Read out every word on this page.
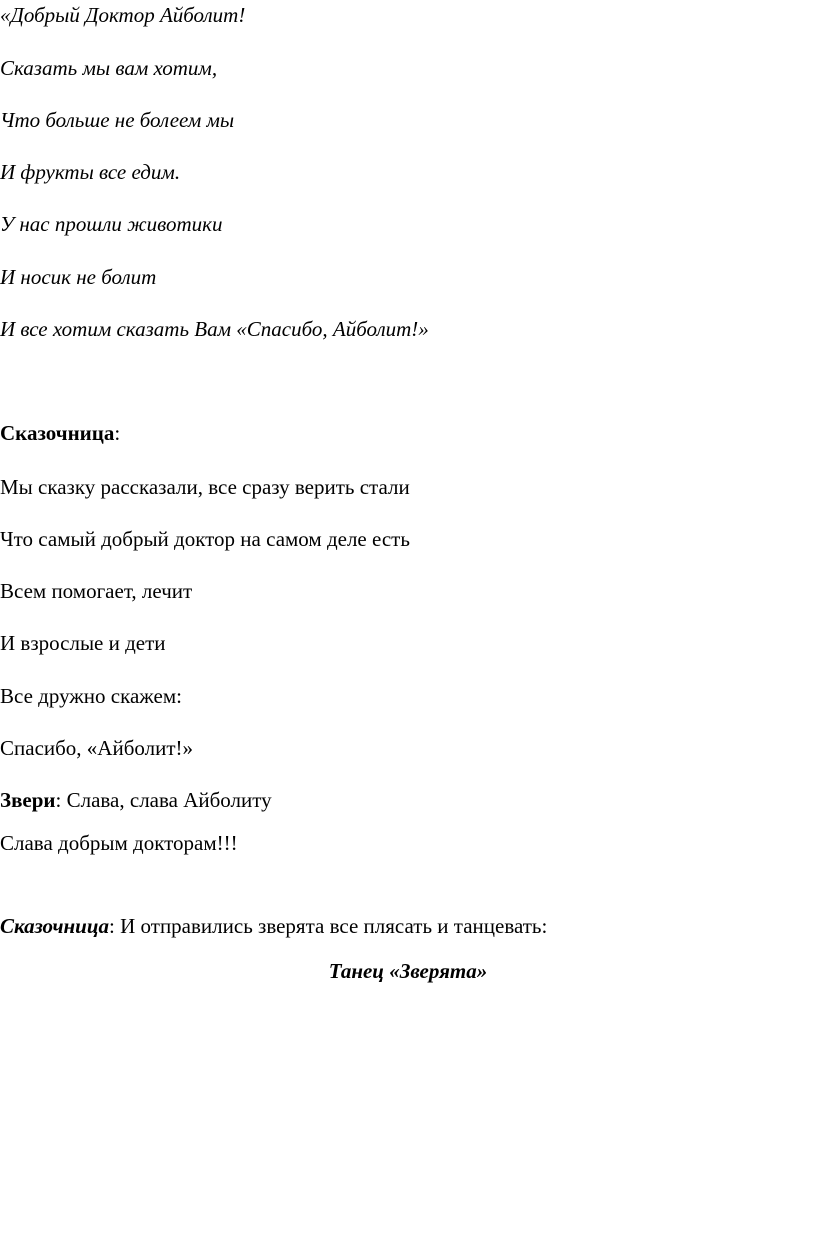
«Добрый Доктор Айболит!
Сказать мы вам хотим,
Что больше не болеем мы
И фрукты все едим.
У нас прошли животики
И носик не болит
И все хотим сказать Вам «Спасибо, Айболит!»
Сказочница:
Мы сказку рассказали, все сразу верить стали
Что самый добрый доктор на самом деле есть
Всем помогает, лечит
И взрослые и дети
Все дружно скажем:
Спасибо, «Айболит!»
Звери: Слава, слава Айболиту
Слава добрым докторам!!!
Сказочница: И отправились зверята все плясать и танцевать:
Танец «Зверята»
